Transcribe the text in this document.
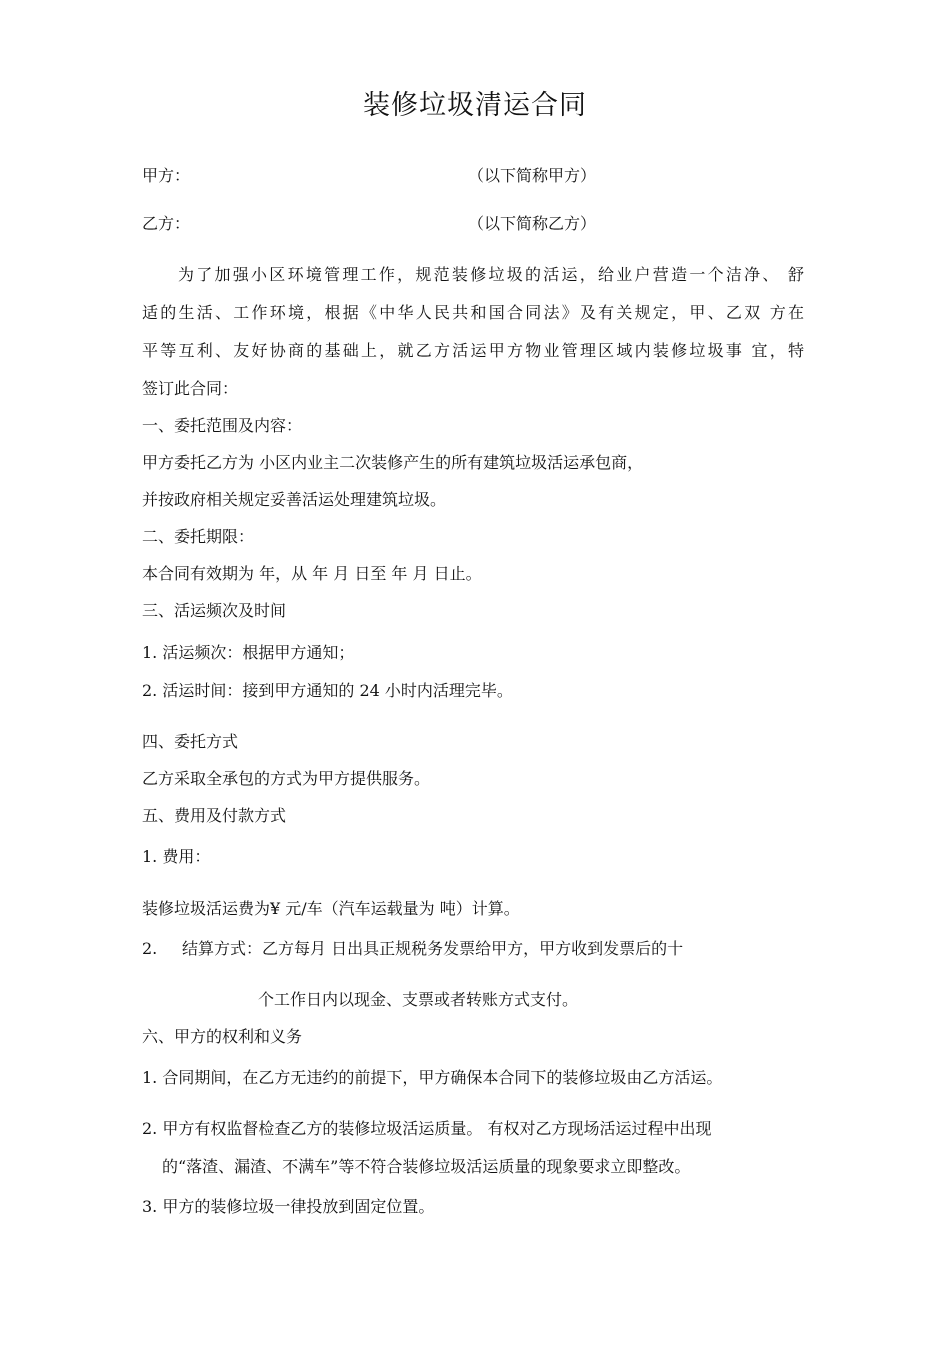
装修垃圾清运合同
甲方：	（以下简称甲方）
乙方：	（以下简称乙方）
为了加强小区环境管理工作，规范装修垃圾的活运，给业户营造一个洁净、 舒
适的生活、工作环境，根据《中华人民共和国合同法》及有关规定，甲、乙双 方在
平等互利、友好协商的基础上，就乙方活运甲方物业管理区域内装修垃圾事 宜，特
签订此合同：
一、委托范围及内容：
甲方委托乙方为 小区内业主二次装修产生的所有建筑垃圾活运承包商，
并按政府相关规定妥善活运处理建筑垃圾。
二、委托期限：
本合同有效期为 年，从 年 月 日至 年 月 日止。
三、活运频次及时间
1. 活运频次：根据甲方通知；
2. 活运时间：接到甲方通知的 24 小时内活理完毕。
四、委托方式
乙方采取全承包的方式为甲方提供服务。
五、费用及付款方式
1. 费用：
装修垃圾活运费为¥ 元/车（汽车运载量为 吨）计算。
2. 结算方式：乙方每月 日出具正规税务发票给甲方，甲方收到发票后的十
个工作日内以现金、支票或者转账方式支付。
六、甲方的权利和义务
1. 合同期间，在乙方无违约的前提下，甲方确保本合同下的装修垃圾由乙方活运。
2. 甲方有权监督检查乙方的装修垃圾活运质量。 有权对乙方现场活运过程中出现
的“落渣、漏渣、不满车”等不符合装修垃圾活运质量的现象要求立即整改。
3. 甲方的装修垃圾一律投放到固定位置。
